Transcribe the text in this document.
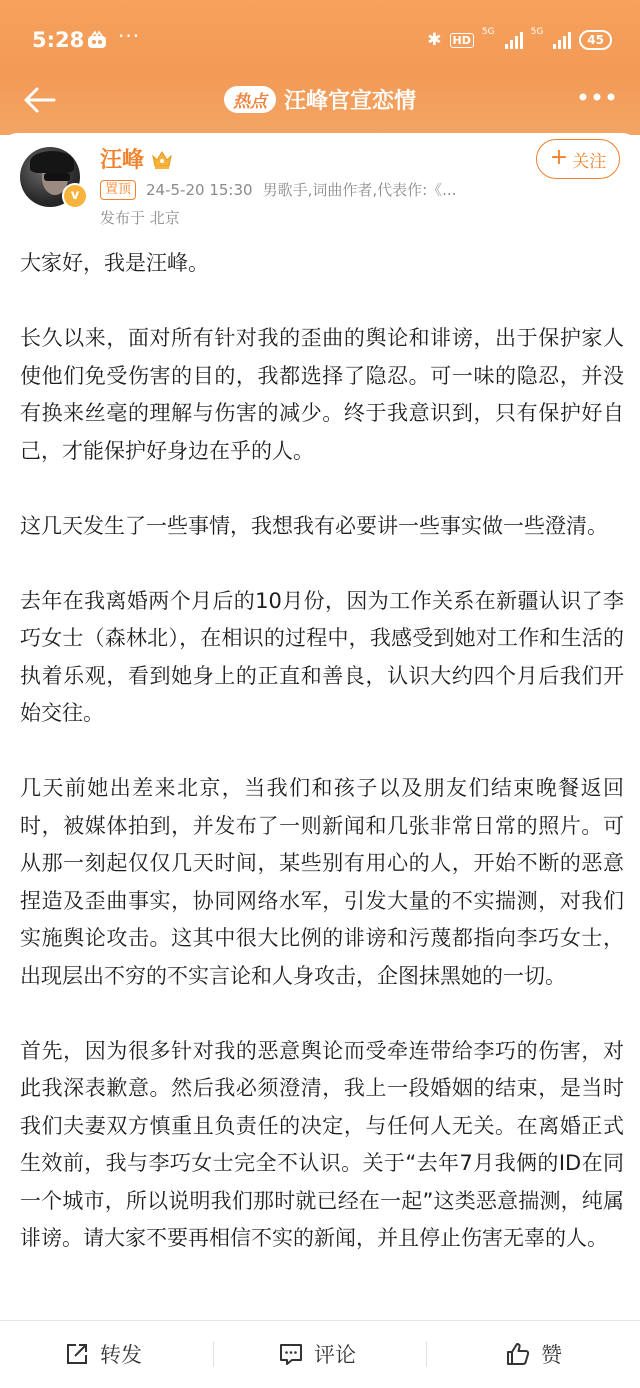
5:28 ···	✱ HD
5G	5G
45
热点 汪峰官宣恋情
v
汪峰
置顶	24-5-20 15:30 男歌手,词曲作者,代表作:《...
发布于 北京
+ 关注

大家好，我是汪峰。

长久以来，面对所有针对我的歪曲的舆论和诽谤，出于保护家人使他们免受伤害的目的，我都选择了隐忍。可一味的隐忍，并没有换来丝毫的理解与伤害的减少。终于我意识到，只有保护好自己，才能保护好身边在乎的人。

这几天发生了一些事情，我想我有必要讲一些事实做一些澄清。

去年在我离婚两个月后的10月份，因为工作关系在新疆认识了李巧女士（森林北），在相识的过程中，我感受到她对工作和生活的执着乐观，看到她身上的正直和善良，认识大约四个月后我们开始交往。

几天前她出差来北京，当我们和孩子以及朋友们结束晚餐返回时，被媒体拍到，并发布了一则新闻和几张非常日常的照片。可从那一刻起仅仅几天时间，某些别有用心的人，开始不断的恶意捏造及歪曲事实，协同网络水军，引发大量的不实揣测，对我们实施舆论攻击。这其中很大比例的诽谤和污蔑都指向李巧女士，出现层出不穷的不实言论和人身攻击，企图抹黑她的一切。

首先，因为很多针对我的恶意舆论而受牵连带给李巧的伤害，对此我深表歉意。然后我必须澄清，我上一段婚姻的结束，是当时我们夫妻双方慎重且负责任的决定，与任何人无关。在离婚正式生效前，我与李巧女士完全不认识。关于“去年7月我俩的ID在同一个城市，所以说明我们那时就已经在一起”这类恶意揣测，纯属诽谤。请大家不要再相信不实的新闻，并且停止伤害无辜的人。

转发	评论	赞
